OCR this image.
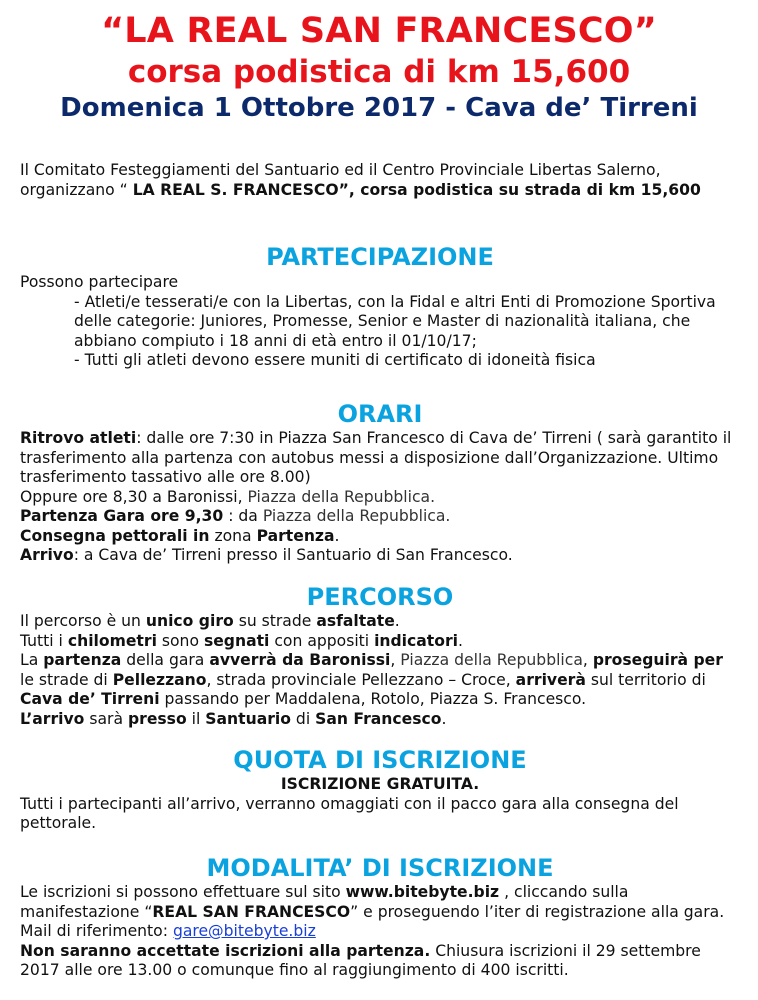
“LA REAL SAN FRANCESCO”
corsa podistica di km 15,600
Domenica 1 Ottobre 2017 - Cava de’ Tirreni
Il Comitato Festeggiamenti del Santuario ed il Centro Provinciale Libertas Salerno, organizzano “ LA REAL S. FRANCESCO”, corsa podistica su strada di km 15,600
PARTECIPAZIONE
Possono partecipare
- Atleti/e tesserati/e con la Libertas, con la Fidal e altri Enti di Promozione Sportiva delle categorie: Juniores, Promesse, Senior e Master di nazionalità italiana, che abbiano compiuto i 18 anni di età entro il 01/10/17;
- Tutti gli atleti devono essere muniti di certificato di idoneità fisica
ORARI
Ritrovo atleti: dalle ore 7:30 in Piazza San Francesco di Cava de’ Tirreni ( sarà garantito il trasferimento alla partenza con autobus messi a disposizione dall’Organizzazione. Ultimo trasferimento tassativo alle ore 8.00)
Oppure ore 8,30 a Baronissi, Piazza della Repubblica.
Partenza Gara ore 9,30 : da Piazza della Repubblica.
Consegna pettorali in zona Partenza.
Arrivo: a Cava de’ Tirreni presso il Santuario di San Francesco.
PERCORSO
Il percorso è un unico giro su strade asfaltate.
Tutti i chilometri sono segnati con appositi indicatori.
La partenza della gara avverrà da Baronissi, Piazza della Repubblica, proseguirà per le strade di Pellezzano, strada provinciale Pellezzano – Croce, arriverà sul territorio di Cava de’ Tirreni passando per Maddalena, Rotolo, Piazza S. Francesco.
L’arrivo sarà presso il Santuario di San Francesco.
QUOTA DI ISCRIZIONE
ISCRIZIONE GRATUITA.
Tutti i partecipanti all’arrivo, verranno omaggiati con il pacco gara alla consegna del pettorale.
MODALITA’ DI ISCRIZIONE
Le iscrizioni si possono effettuare sul sito www.bitebyte.biz , cliccando sulla manifestazione “REAL SAN FRANCESCO” e proseguendo l’iter di registrazione alla gara. Mail di riferimento: gare@bitebyte.biz
Non saranno accettate iscrizioni alla partenza. Chiusura iscrizioni il 29 settembre 2017 alle ore 13.00 o comunque fino al raggiungimento di 400 iscritti.
